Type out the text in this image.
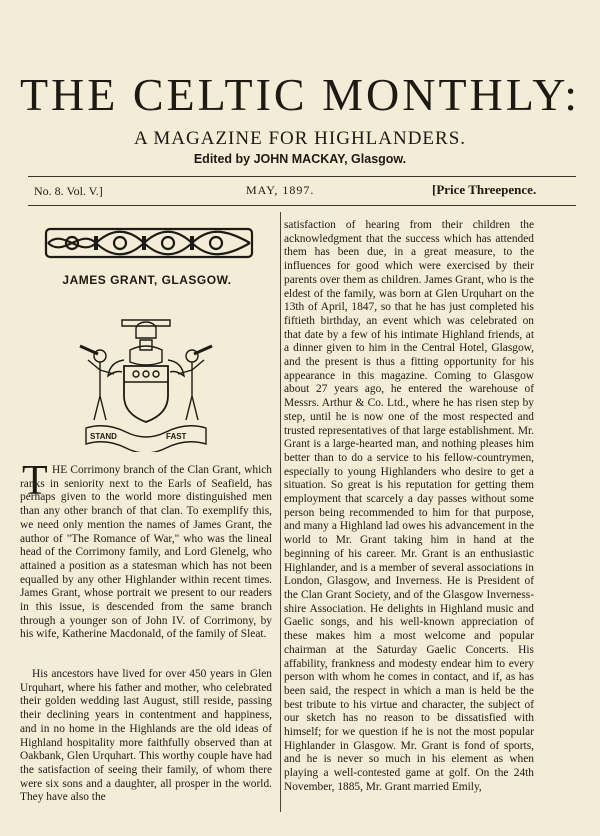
THE CELTIC MONTHLY:
A MAGAZINE FOR HIGHLANDERS.
Edited by JOHN MACKAY, Glasgow.
No. 8. Vol. V.]	MAY, 1897.	[Price Threepence.
JAMES GRANT, GLASGOW.
STAND	FAST
T HE Corrimony branch of the Clan Grant, which ranks in seniority next to the Earls of Seafield, has perhaps given to the world more distinguished men than any other branch of that clan. To exemplify this, we need only mention the names of James Grant, the author of "The Romance of War," who was the lineal head of the Corrimony family, and Lord Glenelg, who attained a position as a statesman which has not been equalled by any other Highlander within recent times. James Grant, whose portrait we present to our readers in this issue, is descended from the same branch through a younger son of John IV. of Corrimony, by his wife, Katherine Macdonald, of the family of Sleat.

His ancestors have lived for over 450 years in Glen Urquhart, where his father and mother, who celebrated their golden wedding last August, still reside, passing their declining years in contentment and happiness, and in no home in the Highlands are the old ideas of Highland hospitality more faithfully observed than at Oakbank, Glen Urquhart. This worthy couple have had the satisfaction of seeing their family, of whom there were six sons and a daughter, all prosper in the world. They have also the

satisfaction of hearing from their children the acknowledgment that the success which has attended them has been due, in a great measure, to the influences for good which were exercised by their parents over them as children. James Grant, who is the eldest of the family, was born at Glen Urquhart on the 13th of April, 1847, so that he has just completed his fiftieth birthday, an event which was celebrated on that date by a few of his intimate Highland friends, at a dinner given to him in the Central Hotel, Glasgow, and the present is thus a fitting opportunity for his appearance in this magazine. Coming to Glasgow about 27 years ago, he entered the warehouse of Messrs. Arthur & Co. Ltd., where he has risen step by step, until he is now one of the most respected and trusted representatives of that large establishment. Mr. Grant is a large-hearted man, and nothing pleases him better than to do a service to his fellow-countrymen, especially to young Highlanders who desire to get a situation. So great is his reputation for getting them employment that scarcely a day passes without some person being recommended to him for that purpose, and many a Highland lad owes his advancement in the world to Mr. Grant taking him in hand at the beginning of his career. Mr. Grant is an enthusiastic Highlander, and is a member of several associations in London, Glasgow, and Inverness. He is President of the Clan Grant Society, and of the Glasgow Inverness-shire Association. He delights in Highland music and Gaelic songs, and his well-known appreciation of these makes him a most welcome and popular chairman at the Saturday Gaelic Concerts. His affability, frankness and modesty endear him to every person with whom he comes in contact, and if, as has been said, the respect in which a man is held be the best tribute to his virtue and character, the subject of our sketch has no reason to be dissatisfied with himself; for we question if he is not the most popular Highlander in Glasgow. Mr. Grant is fond of sports, and he is never so much in his element as when playing a well-contested game at golf. On the 24th November, 1885, Mr. Grant married Emily,
